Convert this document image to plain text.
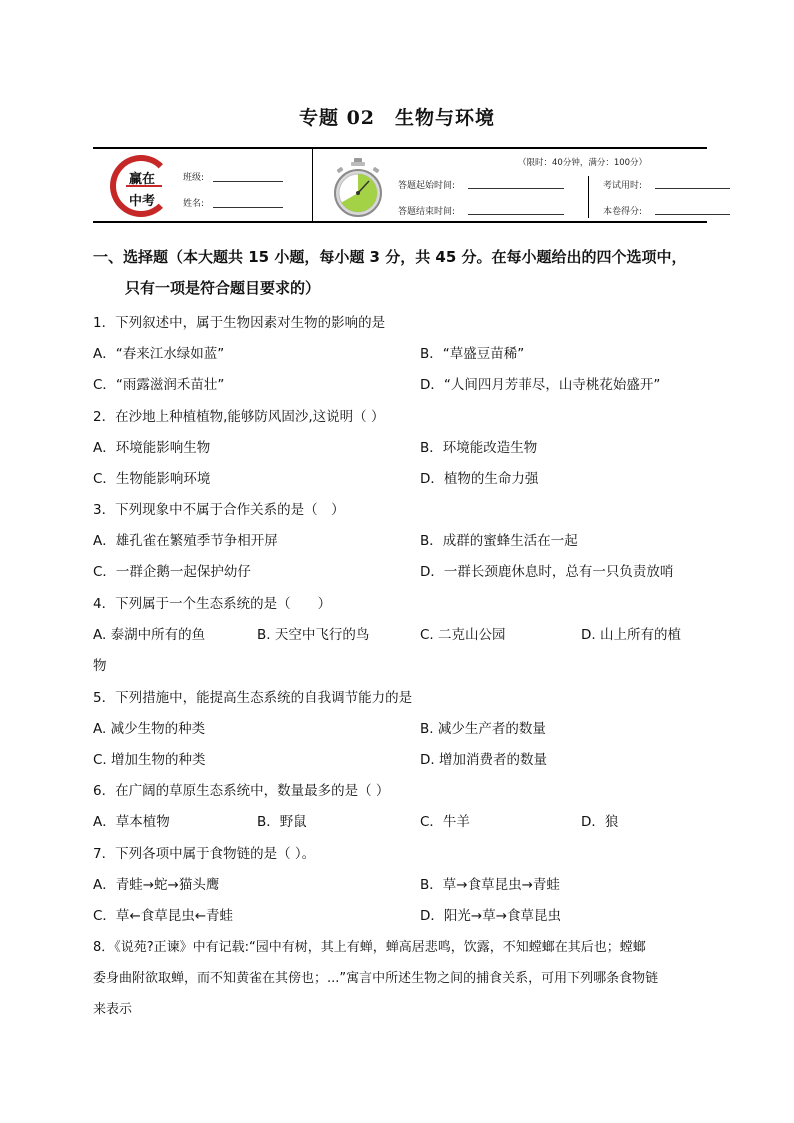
专题 02　生物与环境
赢在
中考
班级:
姓名:
（限时：40分钟，满分：100分）
答题起始时间:
答题结束时间:
考试用时:
本卷得分:
一、选择题（本大题共 15 小题，每小题 3 分，共 45 分。在每小题给出的四个选项中，
只有一项是符合题目要求的）
1．下列叙述中，属于生物因素对生物的影响的是
A．“春来江水绿如蓝”	B．“草盛豆苗稀”
C．“雨露滋润禾苗壮”	D．“人间四月芳菲尽，山寺桃花始盛开”
2．在沙地上种植植物,能够防风固沙,这说明（ ）
A．环境能影响生物	B．环境能改造生物
C．生物能影响环境	D．植物的生命力强
3．下列现象中不属于合作关系的是（　）
A．雄孔雀在繁殖季节争相开屏	B．成群的蜜蜂生活在一起
C．一群企鹅一起保护幼仔	D．一群长颈鹿休息时，总有一只负责放哨
4．下列属于一个生态系统的是（　　）
A. 泰湖中所有的鱼	B. 天空中飞行的鸟	C. 二克山公园	D. 山上所有的植
物
5．下列措施中，能提高生态系统的自我调节能力的是
A. 减少生物的种类	B. 减少生产者的数量
C. 增加生物的种类	D. 增加消费者的数量
6．在广阔的草原生态系统中，数量最多的是（ ）
A．草本植物	B．野鼠	C．牛羊	D．狼
7．下列各项中属于食物链的是（ ）。
A．青蛙→蛇→猫头鹰	B．草→食草昆虫→青蛙
C．草←食草昆虫←青蛙	D．阳光→草→食草昆虫
8．《说苑?正谏》中有记载:“园中有树，其上有蝉，蝉高居悲鸣，饮露，不知螳螂在其后也；螳螂
委身曲附欲取蝉，而不知黄雀在其傍也；...”寓言中所述生物之间的捕食关系，可用下列哪条食物链
来表示
